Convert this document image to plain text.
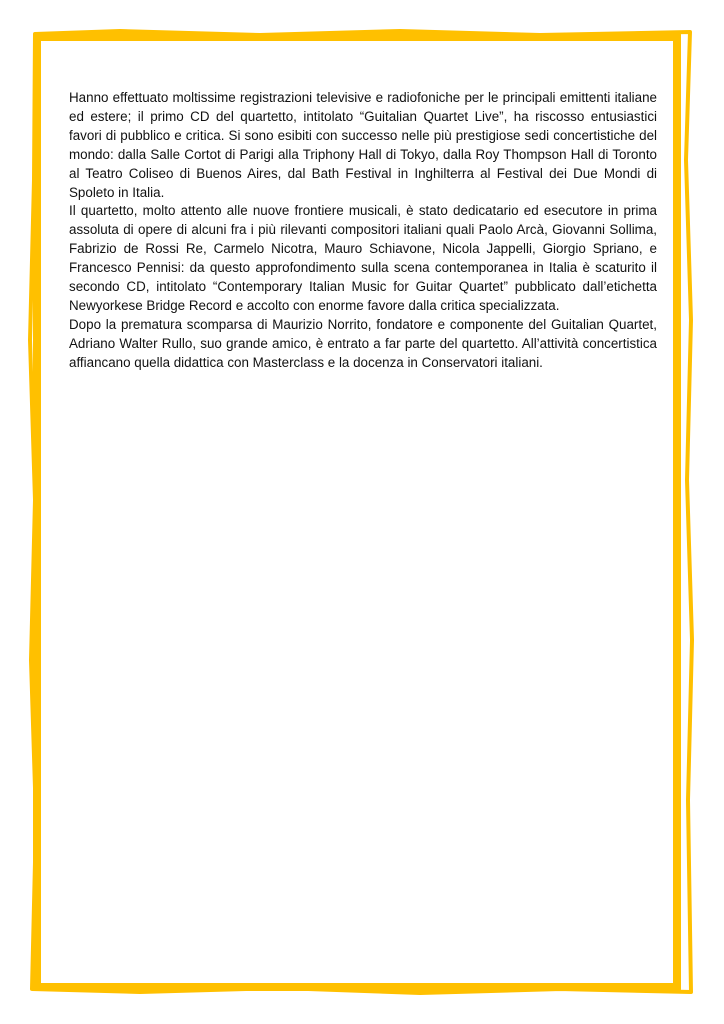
Hanno effettuato moltissime registrazioni televisive e radiofoniche per le principali emittenti italiane ed estere; il primo CD del quartetto, intitolato “Guitalian Quartet Live”, ha riscosso entusiastici favori di pubblico e critica. Si sono esibiti con successo nelle più prestigiose sedi concertistiche del mondo: dalla Salle Cortot di Parigi alla Triphony Hall di Tokyo, dalla Roy Thompson Hall di Toronto al Teatro Coliseo di Buenos Aires, dal Bath Festival in Inghilterra al Festival dei Due Mondi di Spoleto in Italia.

Il quartetto, molto attento alle nuove frontiere musicali, è stato dedicatario ed esecutore in prima assoluta di opere di alcuni fra i più rilevanti compositori italiani quali Paolo Arcà, Giovanni Sollima, Fabrizio de Rossi Re, Carmelo Nicotra, Mauro Schiavone, Nicola Jappelli, Giorgio Spriano, e Francesco Pennisi: da questo approfondimento sulla scena contemporanea in Italia è scaturito il secondo CD, intitolato “Contemporary Italian Music for Guitar Quartet” pubblicato dall’etichetta Newyorkese Bridge Record e accolto con enorme favore dalla critica specializzata.

Dopo la prematura scomparsa di Maurizio Norrito, fondatore e componente del Guitalian Quartet, Adriano Walter Rullo, suo grande amico, è entrato a far parte del quartetto. All’attività concertistica affiancano quella didattica con Masterclass e la docenza in Conservatori italiani.
